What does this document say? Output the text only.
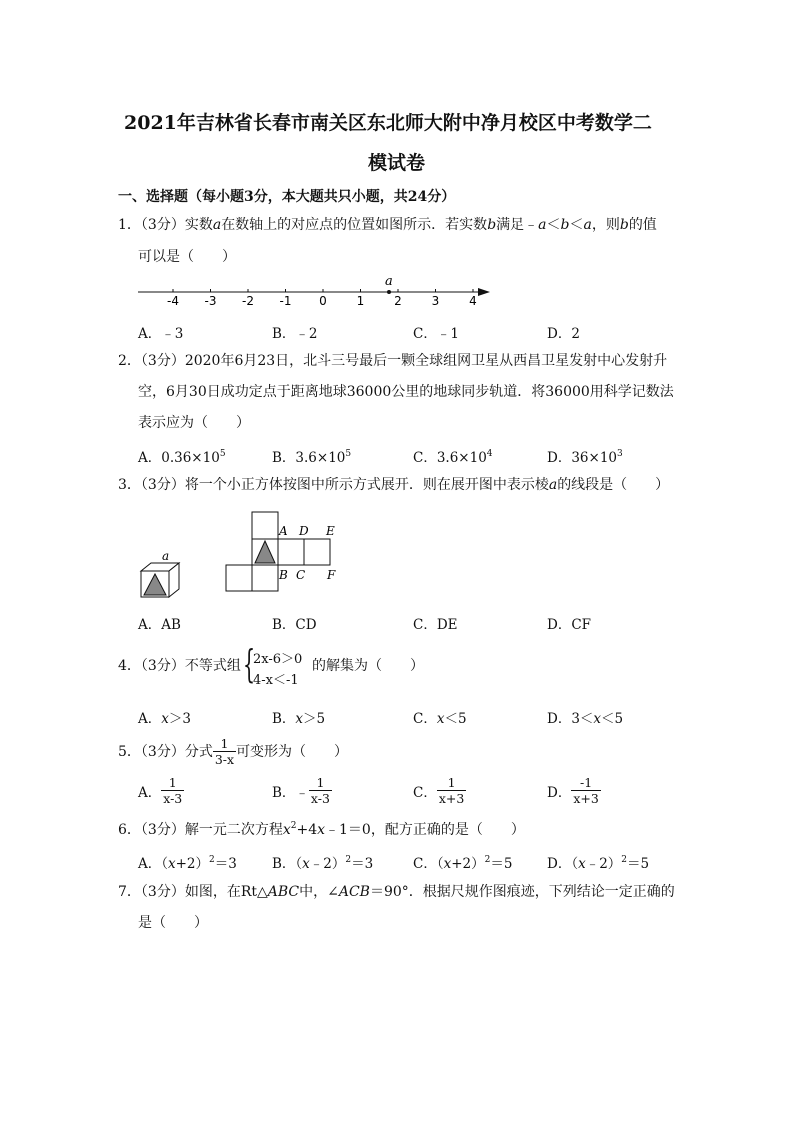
2021年吉林省长春市南关区东北师大附中净月校区中考数学二
模试卷
一、选择题（每小题3分，本大题共只小题，共24分）
1．（3分）实数a在数轴上的对应点的位置如图所示．若实数b满足﹣a＜b＜a，则b的值
可以是（　　）
-4 -3 -2 -1 0 1 2 3 4
a
A．﹣3	B．﹣2	C．﹣1	D．2
2．（3分）2020年6月23日，北斗三号最后一颗全球组网卫星从西昌卫星发射中心发射升
空，6月30日成功定点于距离地球36000公里的地球同步轨道．将36000用科学记数法
表示应为（　　）
A．$0.36\times 10^5$	B．$3.6\times 10^5$	C．$3.6\times 10^4$	D．$36\times 10^3$
3．（3分）将一个小正方体按图中所示方式展开．则在展开图中表示棱a的线段是（　　）
a
A D E
B C F
A．AB	B．CD	C．DE	D．CF
4．（3分）不等式组 {
2x-6＞0
4-x＜-1
的解集为（　　）
A．x＞3	B．x＞5	C．x＜5	D．3＜x＜5
5．（3分）分式 $\frac{1}{3-x}$ 可变形为（　　）
A． $\frac{1}{x-3}$	B． ﹣ $\frac{1}{x-3}$	C． $\frac{1}{x+3}$	D． $\frac{-1}{x+3}$
6．（3分）解一元二次方程$x^2+4x﹣1=0$，配方正确的是（　　）
A．$(x+2)^2=3$	B．（x﹣2）$^2$＝3	C．$(x+2)^2=5$	D．（x﹣2）$^2$＝5
7．（3分）如图，在Rt△ABC中，∠ACB＝90°．根据尺规作图痕迹，下列结论一定正确的
是（　　）
